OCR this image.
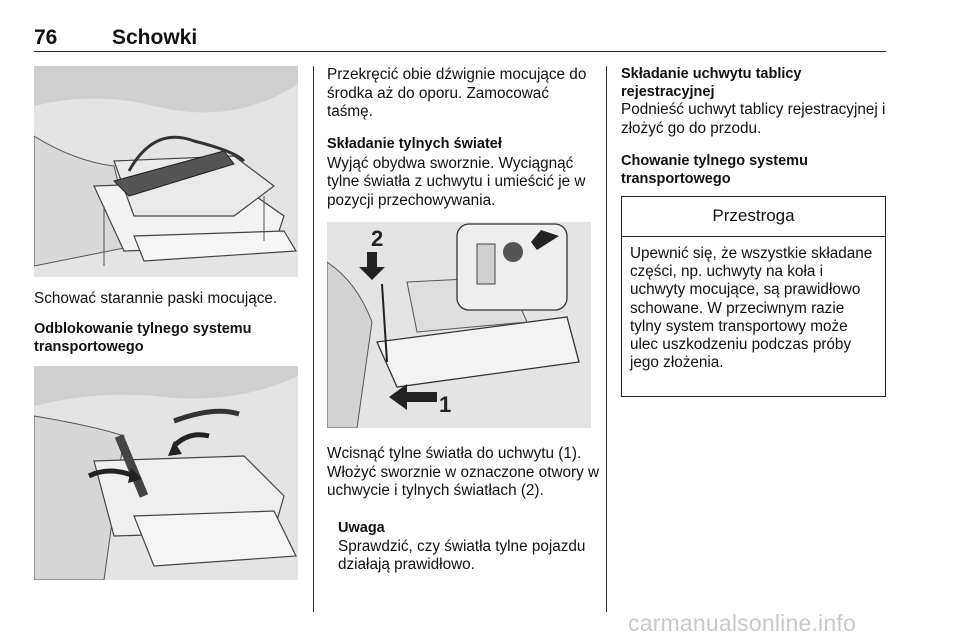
76	Schowki

Schować starannie paski mocujące.

Odblokowanie tylnego systemu transportowego

Przekręcić obie dźwignie mocujące do środka aż do oporu. Zamocować taśmę.

Składanie tylnych świateł

Wyjąć obydwa sworznie. Wyciągnąć tylne światła z uchwytu i umieścić je w pozycji przechowywania.

2
1

Wcisnąć tylne światła do uchwytu (1). Włożyć sworznie w oznaczone otwory w uchwycie i tylnych światłach (2).

Uwaga

Sprawdzić, czy światła tylne pojazdu działają prawidłowo.

Składanie uchwytu tablicy rejestracyjnej

Podnieść uchwyt tablicy rejestracyjnej i złożyć go do przodu.

Chowanie tylnego systemu transportowego

Przestroga
Upewnić się, że wszystkie składane części, np. uchwyty na koła i uchwyty mocujące, są prawidłowo schowane. W przeciwnym razie tylny system transportowy może ulec uszkodzeniu podczas próby jego złożenia.
carmanualsonline.info
